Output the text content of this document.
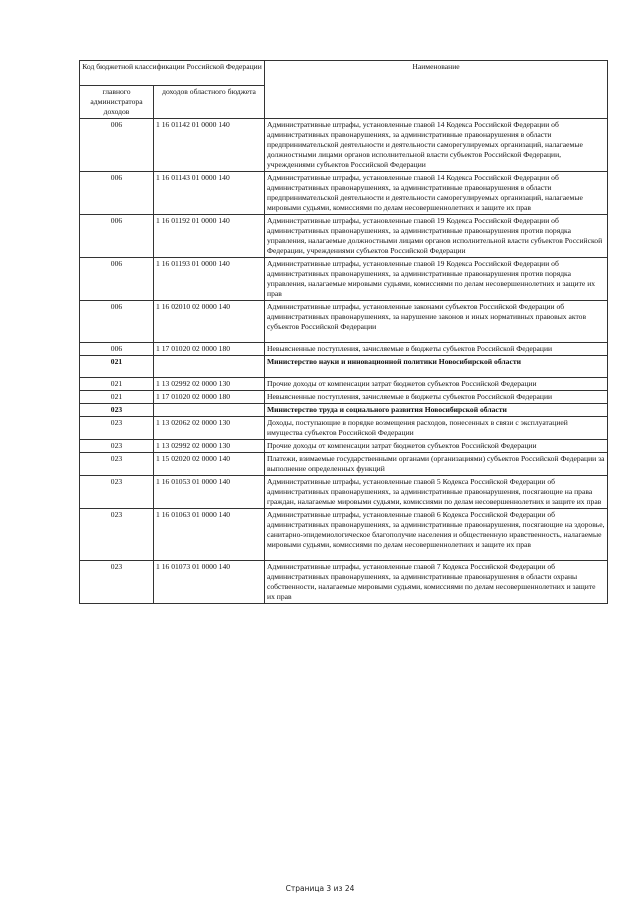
Код бюджетной классификации Российской Федерации		Наименование
главного администратора доходов	доходов областного бюджета	
006	1 16 01142 01 0000 140	Административные штрафы, установленные главой 14 Кодекса Российской Федерации об административных правонарушениях, за административные правонарушения в области предпринимательской деятельности и деятельности саморегулируемых организаций, налагаемые должностными лицами органов исполнительной власти субъектов Российской Федерации, учреждениями субъектов Российской Федерации
006	1 16 01143 01 0000 140	Административные штрафы, установленные главой 14 Кодекса Российской Федерации об административных правонарушениях, за административные правонарушения в области предпринимательской деятельности и деятельности саморегулируемых организаций, налагаемые мировыми судьями, комиссиями по делам несовершеннолетних и защите их прав
006	1 16 01192 01 0000 140	Административные штрафы, установленные главой 19 Кодекса Российской Федерации об административных правонарушениях, за административные правонарушения против порядка управления, налагаемые должностными лицами органов исполнительной власти субъектов Российской Федерации, учреждениями субъектов Российской Федерации
006	1 16 01193 01 0000 140	Административные штрафы, установленные главой 19 Кодекса Российской Федерации об административных правонарушениях, за административные правонарушения против порядка управления, налагаемые мировыми судьями, комиссиями по делам несовершеннолетних и защите их прав
006	1 16 02010 02 0000 140	Административные штрафы, установленные законами субъектов Российской Федерации об административных правонарушениях, за нарушение законов и иных нормативных правовых актов субъектов Российской Федерации
006	1 17 01020 02 0000 180	Невыясненные поступления, зачисляемые в бюджеты субъектов Российской Федерации
021		Министерство науки и инновационной политики Новосибирской области
021	1 13 02992 02 0000 130	Прочие доходы от компенсации затрат бюджетов субъектов Российской Федерации
021	1 17 01020 02 0000 180	Невыясненные поступления, зачисляемые в бюджеты субъектов Российской Федерации
023		Министерство труда и социального развития Новосибирской области
023	1 13 02062 02 0000 130	Доходы, поступающие в порядке возмещения расходов, понесенных в связи с эксплуатацией имущества субъектов Российской Федерации
023	1 13 02992 02 0000 130	Прочие доходы от компенсации затрат бюджетов субъектов Российской Федерации
023	1 15 02020 02 0000 140	Платежи, взимаемые государственными органами (организациями) субъектов Российской Федерации за выполнение определенных функций
023	1 16 01053 01 0000 140	Административные штрафы, установленные главой 5 Кодекса Российской Федерации об административных правонарушениях, за административные правонарушения, посягающие на права граждан, налагаемые мировыми судьями, комиссиями по делам несовершеннолетних и защите их прав
023	1 16 01063 01 0000 140	Административные штрафы, установленные главой 6 Кодекса Российской Федерации об административных правонарушениях, за административные правонарушения, посягающие на здоровье, санитарно-эпидемиологическое благополучие населения и общественную нравственность, налагаемые мировыми судьями, комиссиями по делам несовершеннолетних и защите их прав
023	1 16 01073 01 0000 140	Административные штрафы, установленные главой 7 Кодекса Российской Федерации об административных правонарушениях, за административные правонарушения в области охраны собственности, налагаемые мировыми судьями, комиссиями по делам несовершеннолетних и защите их прав
Страница 3 из 24
